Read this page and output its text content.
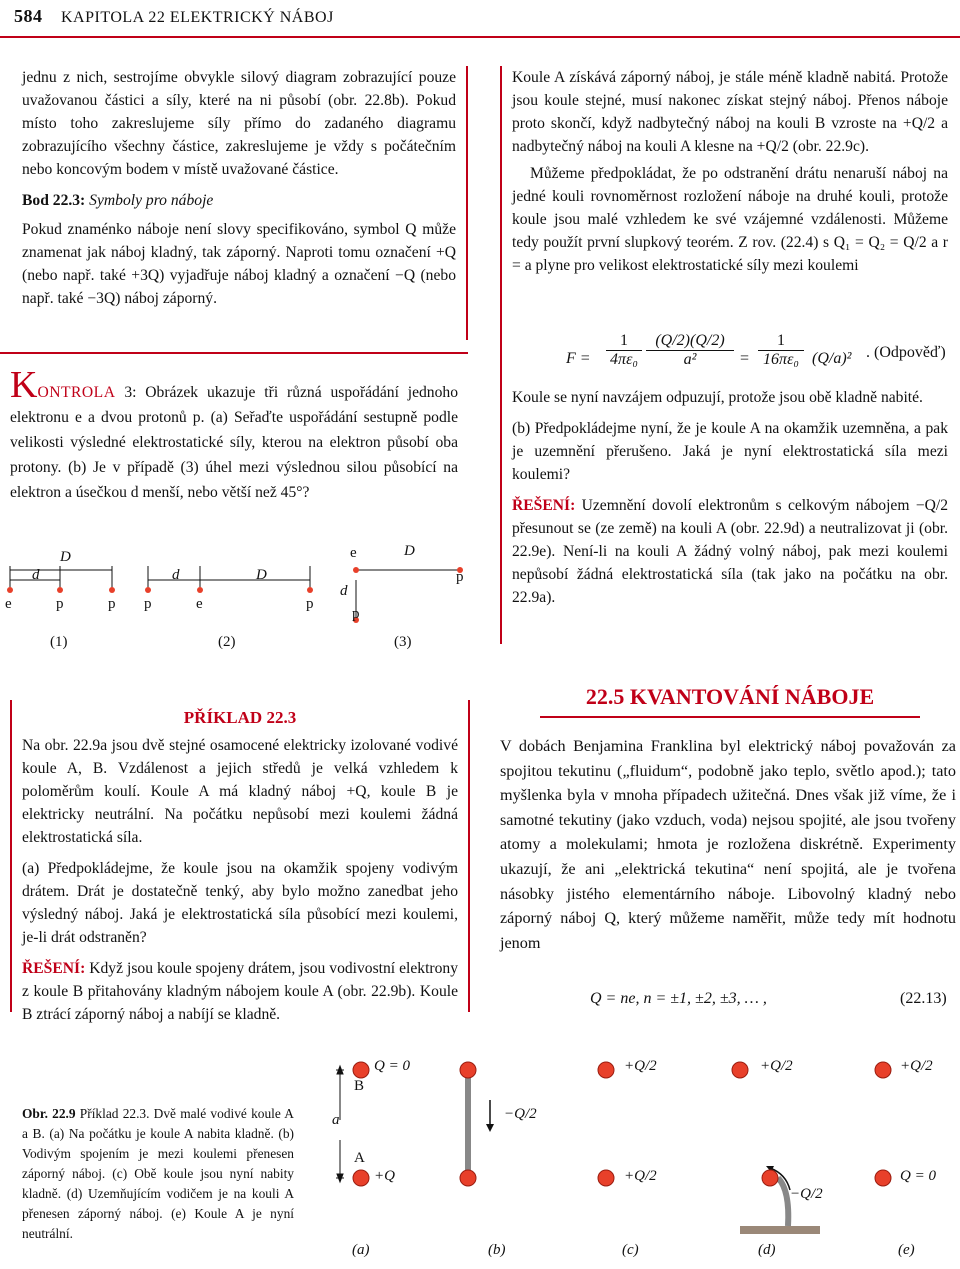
584 KAPITOLA 22 ELEKTRICKÝ NÁBOJ

jednu z nich, sestrojíme obvykle silový diagram zobrazující pouze uvažovanou částici a síly, které na ni působí (obr. 22.8b). Pokud místo toho zakreslujeme síly přímo do zadaného diagramu zobrazujícího všechny částice, zakreslujeme je vždy s počátečním nebo koncovým bodem v místě uvažované částice.

Bod 22.3: Symboly pro náboje

Pokud znaménko náboje není slovy specifikováno, symbol Q může znamenat jak náboj kladný, tak záporný. Naproti tomu označení +Q (nebo např. také +3Q) vyjadřuje náboj kladný a označení −Q (nebo např. také −3Q) náboj záporný.

KONTROLA 3: Obrázek ukazuje tři různá uspořádání jednoho elektronu e a dvou protonů p. (a) Seřaďte uspořádání sestupně podle velikosti výsledné elektrostatické síly, kterou na elektron působí oba protony. (b) Je v případě (3) úhel mezi výslednou silou působící na elektron a úsečkou d menší, nebo větší než 45°?
D
d
e	p	p
d	D
p	e	p
e	D
p
d
p
(1)	(2)	(3)

Koule A získává záporný náboj, je stále méně kladně nabitá. Protože jsou koule stejné, musí nakonec získat stejný náboj. Přenos náboje proto skončí, když nadbytečný náboj na kouli B vzroste na +Q/2 a nadbytečný náboj na kouli A klesne na +Q/2 (obr. 22.9c).

Můžeme předpokládat, že po odstranění drátu nenaruší náboj na jedné kouli rovnoměrnost rozložení náboje na druhé kouli, protože koule jsou malé vzhledem ke své vzájemné vzdálenosti. Můžeme tedy použít první slupkový teorém. Z rov. (22.4) s Q₁ = Q₂ = Q/2 a r = a plyne pro velikost elektrostatické síly mezi koulemi

$F = \frac{1}{\text{4πε₀}} \frac{(Q/2)(Q/2)}{\text{a²}} = \frac{1}{\text{16πε₀}} (Q/a)^2$ . (Odpověď)

Koule se nyní navzájem odpuzují, protože jsou obě kladně nabité.

(b) Předpokládejme nyní, že je koule A na okamžik uzemněna, a pak je uzemnění přerušeno. Jaká je nyní elektrostatická síla mezi koulemi?

ŘEŠENÍ: Uzemnění dovolí elektronům s celkovým nábojem −Q/2 přesunout se (ze země) na kouli A (obr. 22.9d) a neutralizovat ji (obr. 22.9e). Není-li na kouli A žádný volný náboj, pak mezi koulemi nepůsobí žádná elektrostatická síla (tak jako na počátku na obr. 22.9a).

PŘÍKLAD 22.3

Na obr. 22.9a jsou dvě stejné osamocené elektricky izolované vodivé koule A, B. Vzdálenost a jejich středů je velká vzhledem k poloměrům koulí. Koule A má kladný náboj +Q, koule B je elektricky neutrální. Na počátku nepůsobí mezi koulemi žádná elektrostatická síla.

(a) Předpokládejme, že koule jsou na okamžik spojeny vodivým drátem. Drát je dostatečně tenký, aby bylo možno zanedbat jeho výsledný náboj. Jaká je elektrostatická síla působící mezi koulemi, je-li drát odstraněn?

ŘEŠENÍ: Když jsou koule spojeny drátem, jsou vodivostní elektrony z koule B přitahovány kladným nábojem koule A (obr. 22.9b). Koule B ztrácí záporný náboj a nabíjí se kladně.

22.5 KVANTOVÁNÍ NÁBOJE
V dobách Benjamina Franklina byl elektrický náboj považován za spojitou tekutinu („fluidum“, podobně jako teplo, světlo apod.); tato myšlenka byla v mnoha případech užitečná. Dnes však již víme, že i samotné tekutiny (jako vzduch, voda) nejsou spojité, ale jsou tvořeny atomy a molekulami; hmota je rozložena diskrétně. Experimenty ukazují, že ani „elektrická tekutina“ není spojitá, ale je tvořena násobky jistého elementárního náboje. Libovolný kladný nebo záporný náboj Q, který můžeme naměřit, může tedy mít hodnotu jenom
Q = ne, n = ±1, ±2, ±3, … ,	(22.13)
Obr. 22.9 Příklad 22.3. Dvě malé vodivé koule A a B. (a) Na počátku je koule A nabita kladně. (b) Vodivým spojením je mezi koulemi přenesen záporný náboj. (c) Obě koule jsou nyní nabity kladně. (d) Uzemňujícím vodičem je na kouli A přenesen záporný náboj. (e) Koule A je nyní neutrální.
a
B
A
Q = 0
+Q
−Q/2
+Q/2
+Q/2
+Q/2
−Q/2
+Q/2
Q = 0
(a)	(b)	(c)	(d)	(e)
